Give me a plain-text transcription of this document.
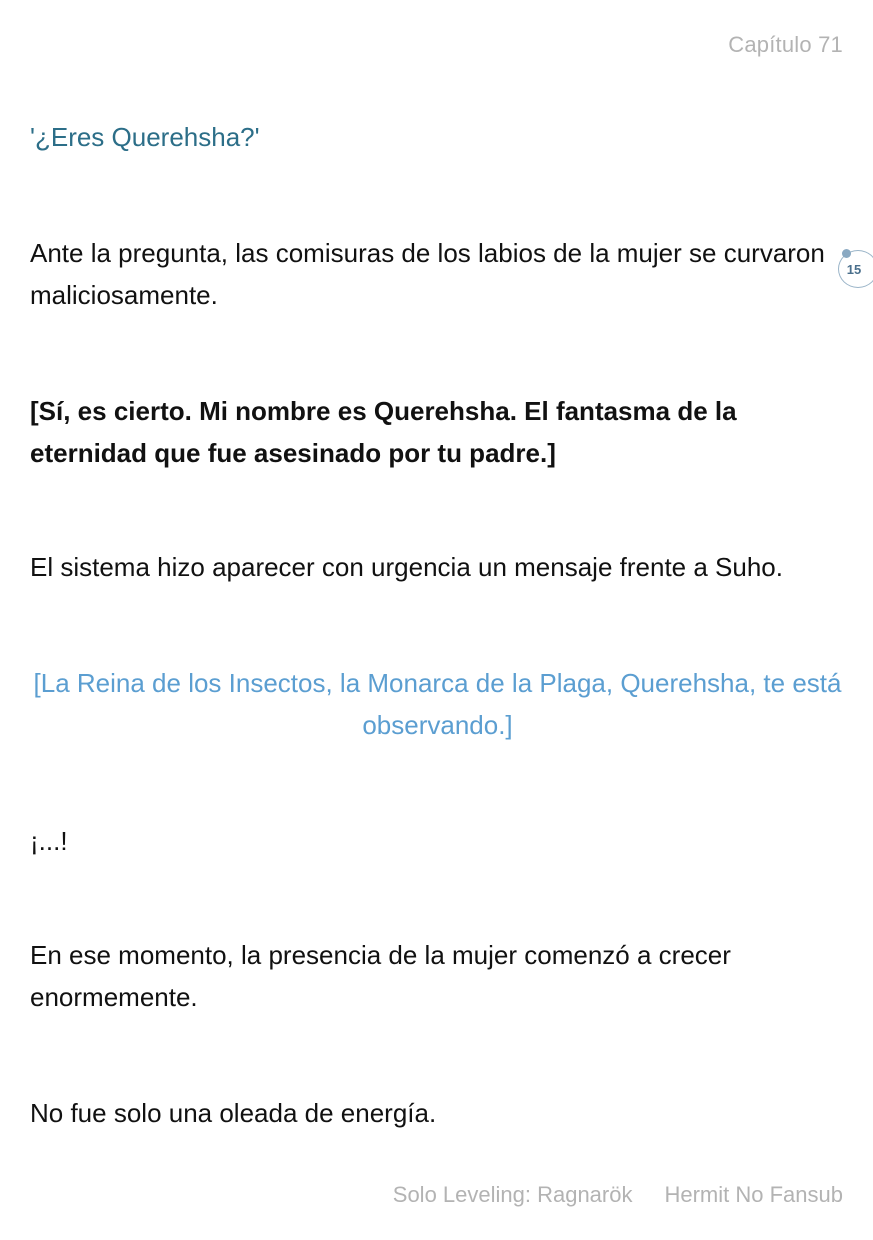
Capítulo 71

'¿Eres Querehsha?'

Ante la pregunta, las comisuras de los labios de la mujer se curvaron maliciosamente.

[Sí, es cierto. Mi nombre es Querehsha. El fantasma de la eternidad que fue asesinado por tu padre.]

El sistema hizo aparecer con urgencia un mensaje frente a Suho.

[La Reina de los Insectos, la Monarca de la Plaga, Querehsha, te está observando.]

¡...!

En ese momento, la presencia de la mujer comenzó a crecer enormemente.

No fue solo una oleada de energía.

15
Solo Leveling: Ragnarök Hermit No Fansub
